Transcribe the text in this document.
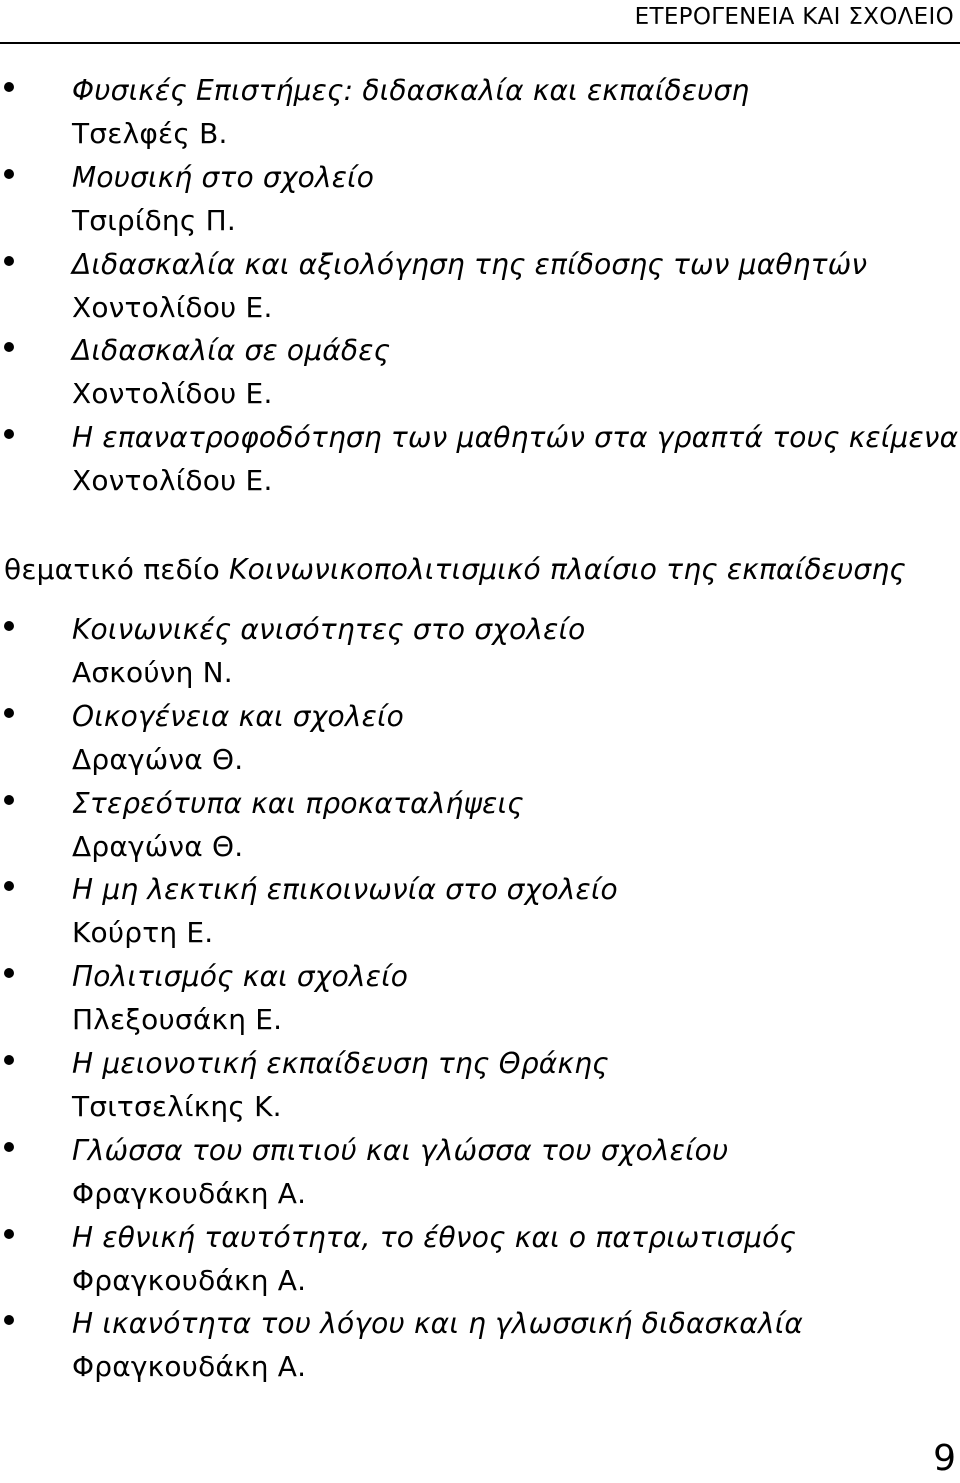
ΕΤΕΡΟΓΕΝΕΙΑ ΚΑΙ ΣΧΟΛΕΙΟ
Φυσικές Επιστήμες: διδασκαλία και εκπαίδευση
Τσελφές Β.
Μουσική στο σχολείο
Τσιρίδης Π.
Διδασκαλία και αξιολόγηση της επίδοσης των μαθητών
Χοντολίδου Ε.
Διδασκαλία σε ομάδες
Χοντολίδου Ε.
Η επανατροφοδότηση των μαθητών στα γραπτά τους κείμενα
Χοντολίδου Ε.
θεματικό πεδίο Κοινωνικοπολιτισμικό πλαίσιο της εκπαίδευσης
Κοινωνικές ανισότητες στο σχολείο
Ασκούνη Ν.
Οικογένεια και σχολείο
Δραγώνα Θ.
Στερεότυπα και προκαταλήψεις
Δραγώνα Θ.
Η μη λεκτική επικοινωνία στο σχολείο
Κούρτη Ε.
Πολιτισμός και σχολείο
Πλεξουσάκη Ε.
Η μειονοτική εκπαίδευση της Θράκης
Τσιτσελίκης Κ.
Γλώσσα του σπιτιού και γλώσσα του σχολείου
Φραγκουδάκη Α.
Η εθνική ταυτότητα, το έθνος και ο πατριωτισμός
Φραγκουδάκη Α.
Η ικανότητα του λόγου και η γλωσσική διδασκαλία
Φραγκουδάκη Α.
9
